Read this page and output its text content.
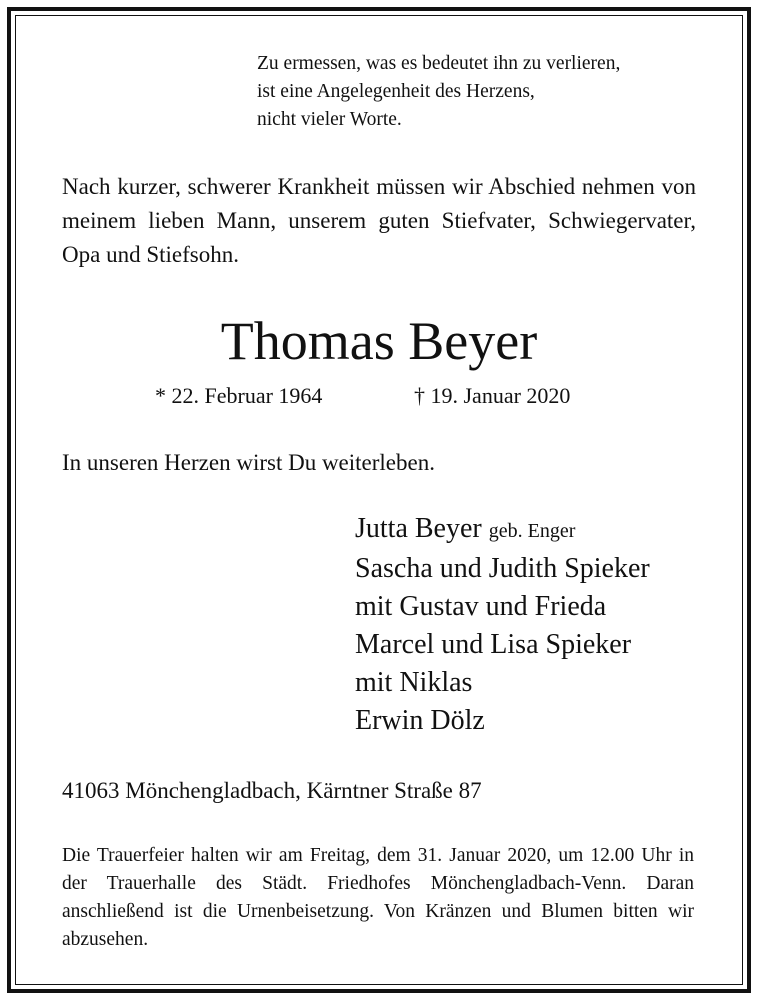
Zu ermessen, was es bedeutet ihn zu verlieren,
ist eine Angelegenheit des Herzens,
nicht vieler Worte.
Nach kurzer, schwerer Krankheit müssen wir Abschied nehmen von meinem lieben Mann, unserem guten Stiefvater, Schwiegervater, Opa und Stiefsohn.
Thomas Beyer
* 22. Februar 1964	† 19. Januar 2020
In unseren Herzen wirst Du weiterleben.
Jutta Beyer geb. Enger
Sascha und Judith Spieker
mit Gustav und Frieda
Marcel und Lisa Spieker
mit Niklas
Erwin Dölz
41063 Mönchengladbach, Kärntner Straße 87
Die Trauerfeier halten wir am Freitag, dem 31. Januar 2020, um 12.00 Uhr in der Trauerhalle des Städt. Friedhofes Mönchengladbach-Venn. Daran anschließend ist die Urnenbeisetzung. Von Kränzen und Blumen bitten wir abzusehen.
